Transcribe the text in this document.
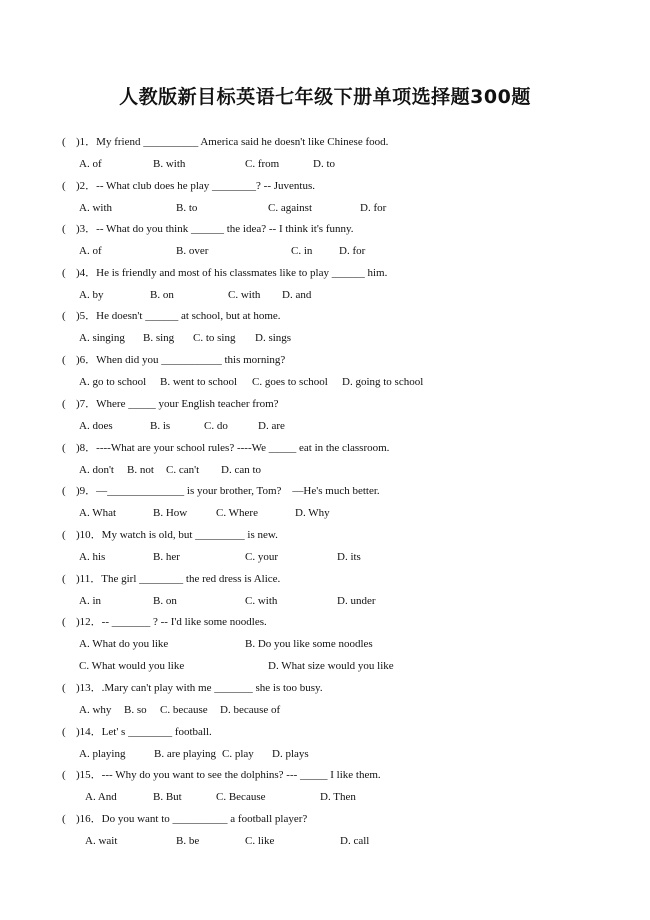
人教版新目标英语七年级下册单项选择题300题
( )1．My friend __________ America said he doesn't like Chinese food.
A. of	B. with	C. from	D. to
( )2．-- What club does he play ________? -- Juventus.
A. with	B. to	C. against	D. for
( )3．-- What do you think ______ the idea? -- I think it's funny.
A. of	B. over	C. in D. for
( )4．He is friendly and most of his classmates like to play ______ him.
A. by	B. on	C. with D. and
( )5．He doesn't ______ at school, but at home.
A. singing B. sing C. to sing D. sings
( )6．When did you ___________ this morning?
A. go to school B. went to school C. goes to school D. going to school
( )7．Where _____ your English teacher from?
A. does	B. is	C. do	D. are
( )8．----What are your school rules? ----We _____ eat in the classroom.
A. don't B. not C. can't D. can to
( )9．—______________ is your brother, Tom?　—He's much better.
A. What	B. How	C. Where	D. Why
( )10．My watch is old, but _________ is new.
A. his	B. her	C. your	D. its
( )11．The girl ________ the red dress is Alice.
A. in	B. on	C. with	D. under
( )12．-- _______ ? -- I'd like some noodles.
A. What do you like	B. Do you like some noodles
C. What would you like	D. What size would you like
( )13．.Mary can't play with me _______ she is too busy.
A. why B. so C. because D. because of
( )14．Let' s ________ football.
A. playing	B. are playing C. play D. plays
( )15．--- Why do you want to see the dolphins? --- _____ I like them.
A. And	B. But	C. Because	D. Then
( )16．Do you want to __________ a football player?
A. wait	B. be	C. like	D. call
